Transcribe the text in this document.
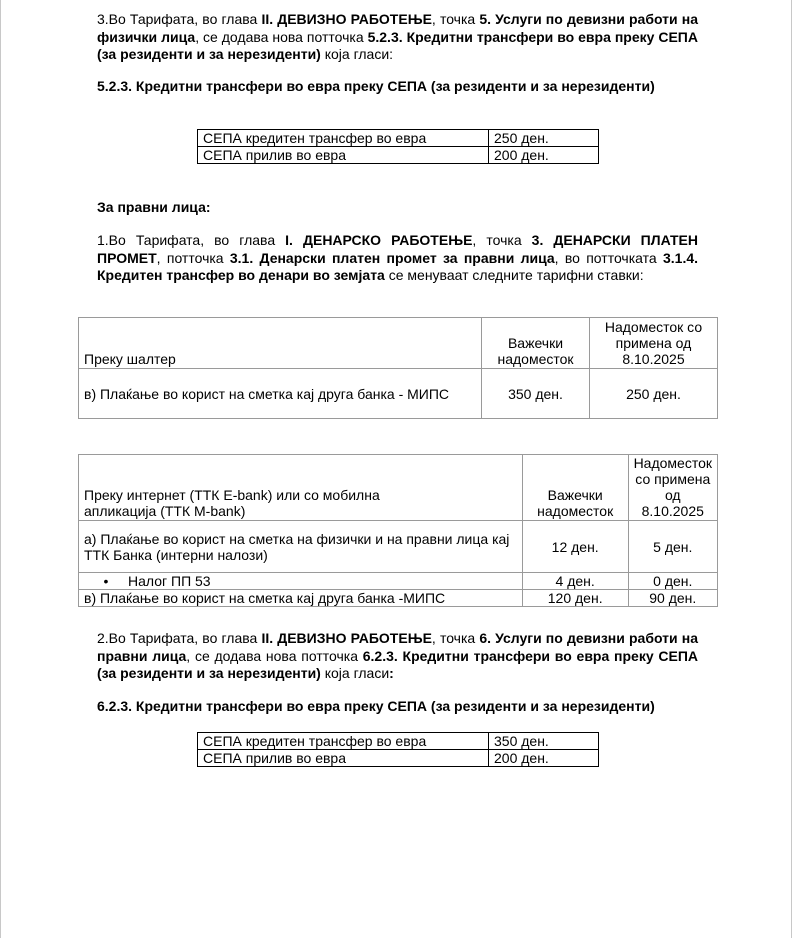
3.Во Тарифата, во глава II. ДЕВИЗНО РАБОТЕЊЕ, точка 5. Услуги по девизни работи на физички лица, се додава нова потточка 5.2.3. Кредитни трансфери во евра преку СЕПА (за резиденти и за нерезиденти) која гласи:

5.2.3. Кредитни трансфери во евра преку СЕПА (за резиденти и за нерезиденти)

СЕПА кредитен трансфер во евра	250 ден.
СЕПА прилив во евра	200 ден.

За правни лица:

1.Во Тарифата, во глава I. ДЕНАРСКО РАБОТЕЊЕ, точка 3. ДЕНАРСКИ ПЛАТЕН ПРОМЕТ, потточка 3.1. Денарски платен промет за правни лица, во потточката 3.1.4. Кредитен трансфер во денари во земјата се менуваат следните тарифни ставки:

Преку шалтер	Важечки надоместок	Надоместок со примена од 8.10.2025
в) Плаќање во корист на сметка кај друга банка - МИПС	350 ден.	250 ден.
Преку интернет (ТТК E-bank) или со мобилна апликација (ТТК M-bank)	Важечки надоместок	Надоместок со примена од 8.10.2025
а) Плаќање во корист на сметка на физички и на правни лица кај ТТК Банка (интерни налози)	12 ден.	5 ден.
• Налог ПП 53	4 ден.	0 ден.
в) Плаќање во корист на сметка кај друга банка -МИПС	120 ден.	90 ден.

2.Во Тарифата, во глава II. ДЕВИЗНО РАБОТЕЊЕ, точка 6. Услуги по девизни работи на правни лица, се додава нова потточка 6.2.3. Кредитни трансфери во евра преку СЕПА (за резиденти и за нерезиденти) која гласи:

6.2.3. Кредитни трансфери во евра преку СЕПА (за резиденти и за нерезиденти)

СЕПА кредитен трансфер во евра	350 ден.
СЕПА прилив во евра	200 ден.
